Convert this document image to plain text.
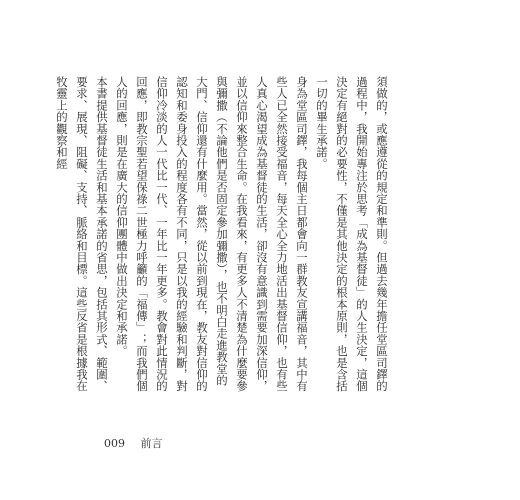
須做的，或應遵從的規定和準則。但過去幾年擔任堂區司鐸的過程中，我開始專注於思考「成為基督徒」的人生決定，這個決定有絕對的必要性，不僅是其他決定的根本原則，也是含括一切的畢生承諾。

身為堂區司鐸，我每個主日都會向一群教友宣講福音，其中有些人已全然接受福音，每天全心全力地活出基督信仰，也有些人真心渴望成為基督徒的生活，卻沒有意識到需要加深信仰，並以信仰來整合生命。在我看來，有更多人不清楚為什麼要參與彌撒（不論他們是否固定參加彌撒），也不明白走進教堂的大門、信仰還有什麼用。當然，從以前到現在，教友對信仰的認知和委身投入的程度各有不同，只是以我的經驗和判斷，對信仰冷淡的人一代比一代、一年比一年更多。教會對此情況的回應，即教宗聖若望保祿二世極力呼籲的「福傳」；而我們個人的回應，則是在廣大的信仰團體中做出決定和承諾。

本書提供基督徒生活和基本承諾的省思，包括其形式、範圍、要求、展現、阻礙、支持、脈絡和目標。這些反省是根據我在牧靈上的觀察和經

009 前言
